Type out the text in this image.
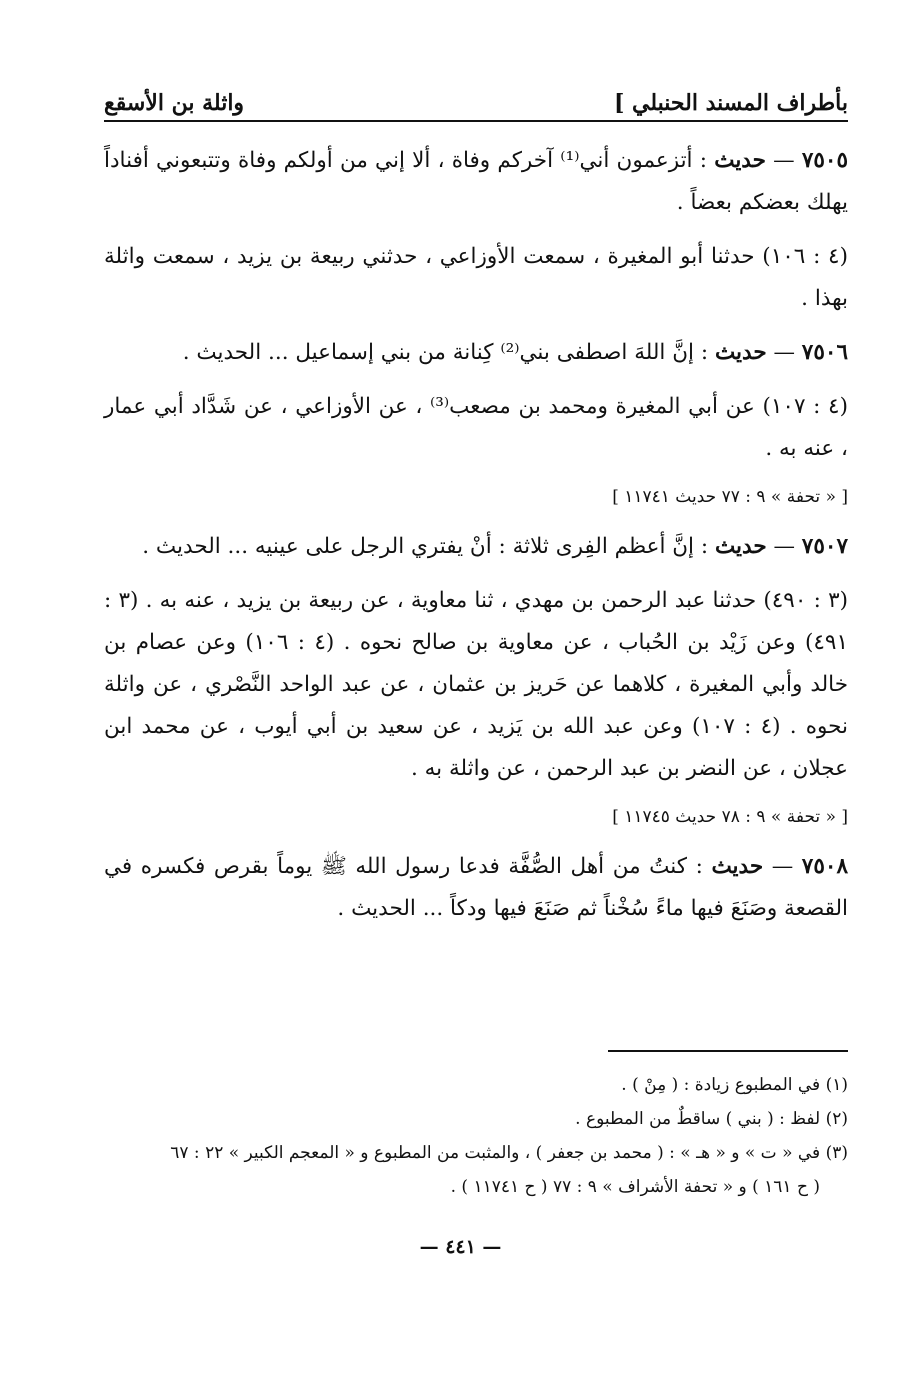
بأطراف المسند الحنبلي ]
واثلة بن الأسقع

٧٥٠٥ — حديث : أتزعمون أني⁽¹⁾ آخركم وفاة ، ألا إني من أولكم وفاة وتتبعوني أفناداً يهلك بعضكم بعضاً .

(٤ : ١٠٦) حدثنا أبو المغيرة ، سمعت الأوزاعي ، حدثني ربيعة بن يزيد ، سمعت واثلة بهذا .

٧٥٠٦ — حديث : إنَّ اللهَ اصطفى بني⁽²⁾ كِنانة من بني إسماعيل ... الحديث .

(٤ : ١٠٧) عن أبي المغيرة ومحمد بن مصعب⁽³⁾ ، عن الأوزاعي ، عن شَدَّاد أبي عمار ، عنه به .

[ « تحفة » ٩ : ٧٧ حديث ١١٧٤١ ]

٧٥٠٧ — حديث : إنَّ أعظم الفِرى ثلاثة : أنْ يفتري الرجل على عينيه ... الحديث .

(٣ : ٤٩٠) حدثنا عبد الرحمن بن مهدي ، ثنا معاوية ، عن ربيعة بن يزيد ، عنه به . (٣ : ٤٩١) وعن زَيْد بن الحُباب ، عن معاوية بن صالح نحوه . (٤ : ١٠٦) وعن عصام بن خالد وأبي المغيرة ، كلاهما عن حَريز بن عثمان ، عن عبد الواحد النَّصْري ، عن واثلة نحوه . (٤ : ١٠٧) وعن عبد الله بن يَزيد ، عن سعيد بن أبي أيوب ، عن محمد ابن عجلان ، عن النضر بن عبد الرحمن ، عن واثلة به .

[ « تحفة » ٩ : ٧٨ حديث ١١٧٤٥ ]

٧٥٠٨ — حديث : كنتُ من أهل الصُّفَّة فدعا رسول الله ﷺ يوماً بقرص فكسره في القصعة وصَنَعَ فيها ماءً سُخْناً ثم صَنَعَ فيها ودكاً ... الحديث .

(١) في المطبوع زيادة : ( مِنْ ) .

(٢) لفظ : ( بني ) ساقطٌ من المطبوع .

(٣) في « ت » و « هـ » : ( محمد بن جعفر ) ، والمثبت من المطبوع و « المعجم الكبير » ٢٢ : ٦٧

( ح ١٦١ ) و « تحفة الأشراف » ٩ : ٧٧ ( ح ١١٧٤١ ) .

— ٤٤١ —
